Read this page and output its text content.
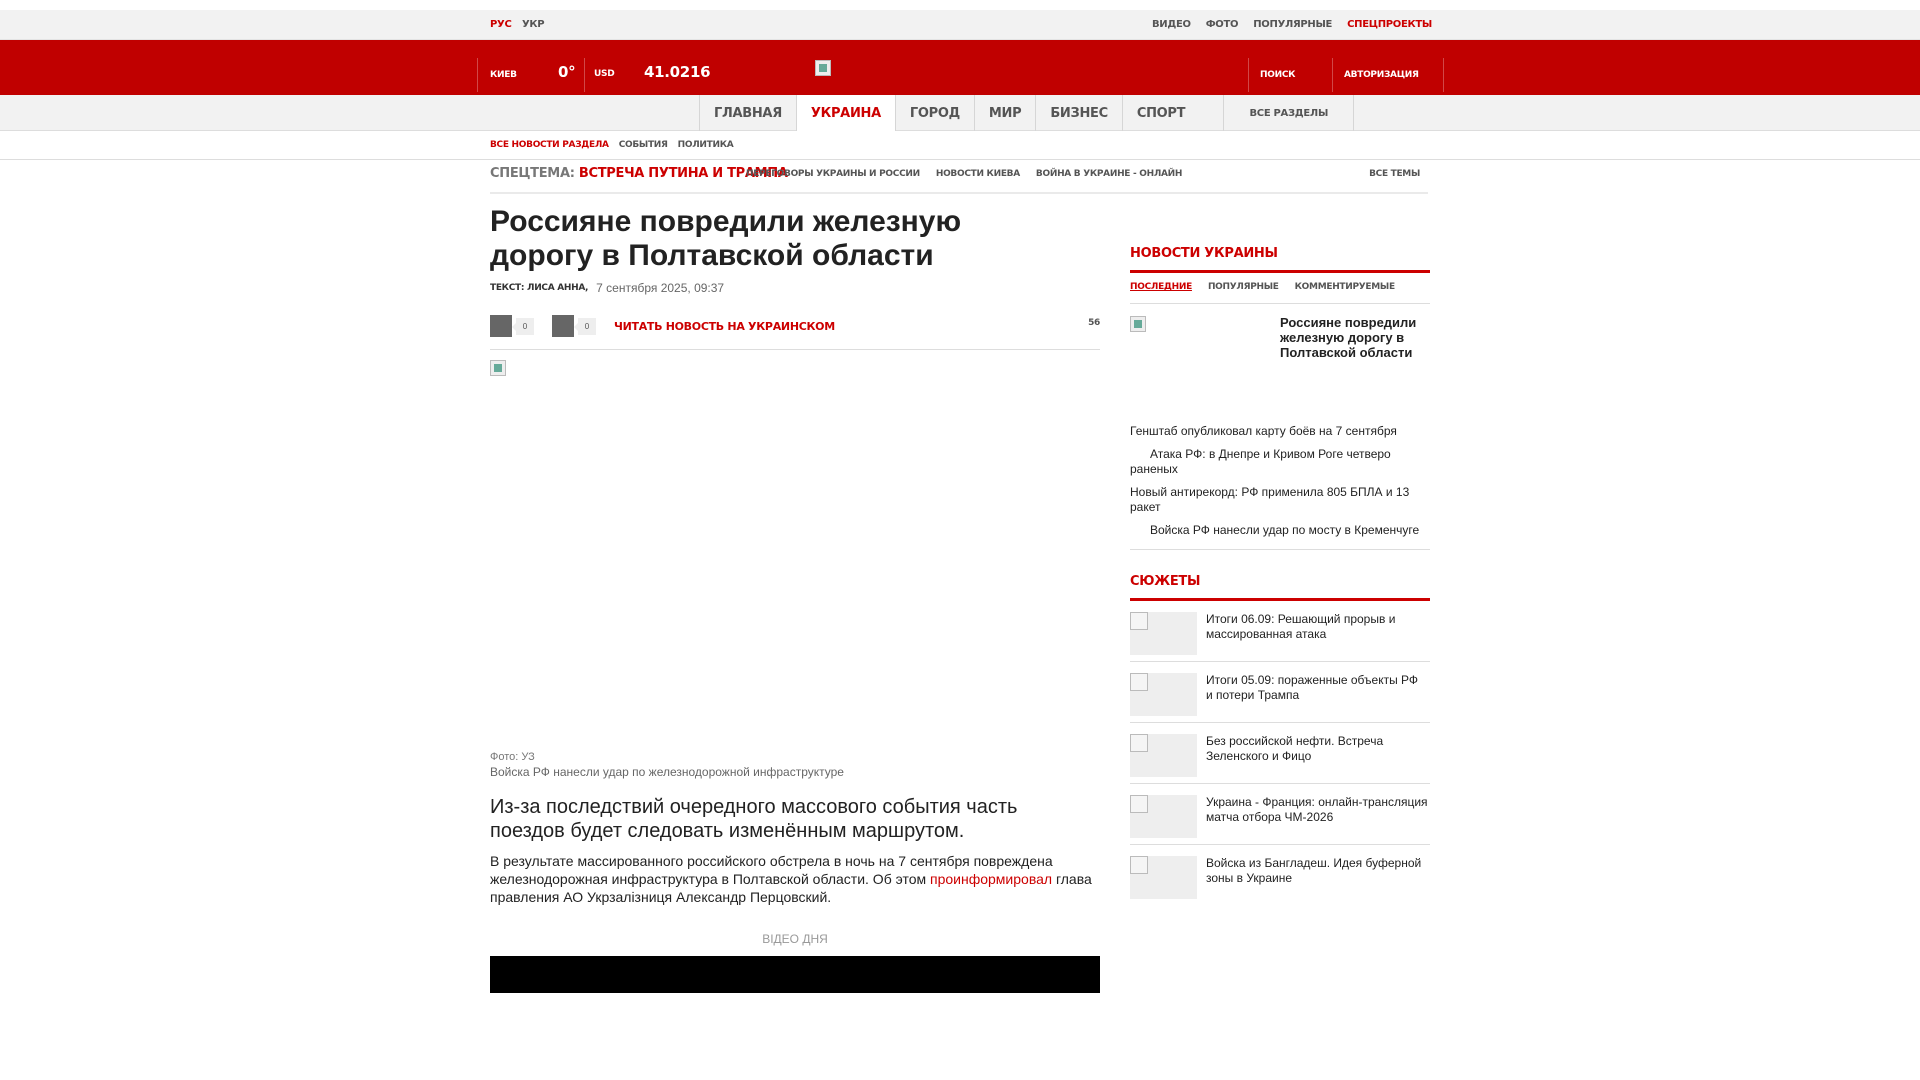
РУС УКР	ВИДЕО ФОТО ПОПУЛЯРНЫЕ СПЕЦПРОЕКТЫ
КИЕВ	0° USD 41.0216	ПОИСК	АВТОРИЗАЦИЯ
ГЛАВНАЯ	УКРАИНА	ГОРОД	МИР	БИЗНЕС	СПОРТ	ВСЕ РАЗДЕЛЫ
ВСЕ НОВОСТИ РАЗДЕЛА СОБЫТИЯ ПОЛИТИКА
СПЕЦТЕМА: ВСТРЕЧА ПУТИНА И ТРАМПА
ПЕРЕГОВОРЫ УКРАИНЫ И РОССИИ НОВОСТИ КИЕВА ВОЙНА В УКРАИНЕ - ОНЛАЙН	ВСЕ ТЕМЫ
Россияне повредили железную дорогу в Полтавской области
ТЕКСТ: ЛИСА АННА, 7 сентября 2025, 09:37
0	0	ЧИТАТЬ НОВОСТЬ НА УКРАИНСКОМ	56
Фото: УЗ
Войска РФ нанесли удар по железнодорожной инфраструктуре

Из-за последствий очередного массового события часть поездов будет следовать изменённым маршрутом.

В результате массированного российского обстрела в ночь на 7 сентября повреждена железнодорожная инфраструктура в Полтавской области. Об этом проинформировал глава правления АО Укрзалізниця Александр Перцовский.

ВІДЕО ДНЯ
НОВОСТИ УКРАИНЫ
ПОСЛЕДНИЕ ПОПУЛЯРНЫЕ КОММЕНТИРУЕМЫЕ
Россияне повредили железную дорогу в Полтавской области
Генштаб опубликовал карту боёв на 7 сентября
Атака РФ: в Днепре и Кривом Роге четверо раненых
Новый антирекорд: РФ применила 805 БПЛА и 13 ракет
Войска РФ нанесли удар по мосту в Кременчуге
СЮЖЕТЫ
Итоги 06.09: Решающий прорыв и массированная атака
Итоги 05.09: пораженные объекты РФ и потери Трампа
Без российской нефти. Встреча Зеленского и Фицо
Украина - Франция: онлайн-трансляция матча отбора ЧМ-2026
Войска из Бангладеш. Идея буферной зоны в Украине
